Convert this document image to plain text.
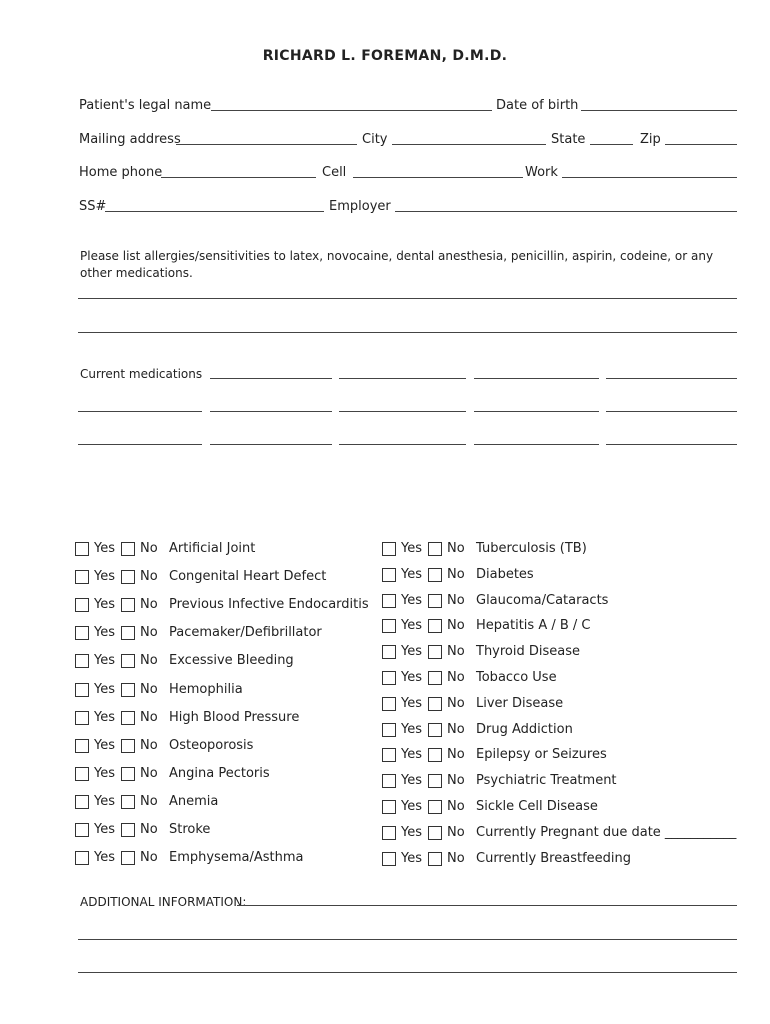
RICHARD L. FOREMAN, D.M.D.
Patient's legal name	Date of birth
Mailing address	City	State	Zip
Home phone	Cell	Work
SS#	Employer
Please list allergies/sensitivities to latex, novocaine, dental anesthesia, penicillin, aspirin, codeine, or any other medications.
Current medications
Yes No Artificial Joint
Yes No Congenital Heart Defect
Yes No Previous Infective Endocarditis
Yes No Pacemaker/Defibrillator
Yes No Excessive Bleeding
Yes No Hemophilia
Yes No High Blood Pressure
Yes No Osteoporosis
Yes No Angina Pectoris
Yes No Anemia
Yes No Stroke
Yes No Emphysema/Asthma
Yes No Tuberculosis (TB)
Yes No Diabetes
Yes No Glaucoma/Cataracts
Yes No Hepatitis A / B / C
Yes No Thyroid Disease
Yes No Tobacco Use
Yes No Liver Disease
Yes No Drug Addiction
Yes No Epilepsy or Seizures
Yes No Psychiatric Treatment
Yes No Sickle Cell Disease
Yes No Currently Pregnant due date ___________
Yes No Currently Breastfeeding
ADDITIONAL INFORMATION:
